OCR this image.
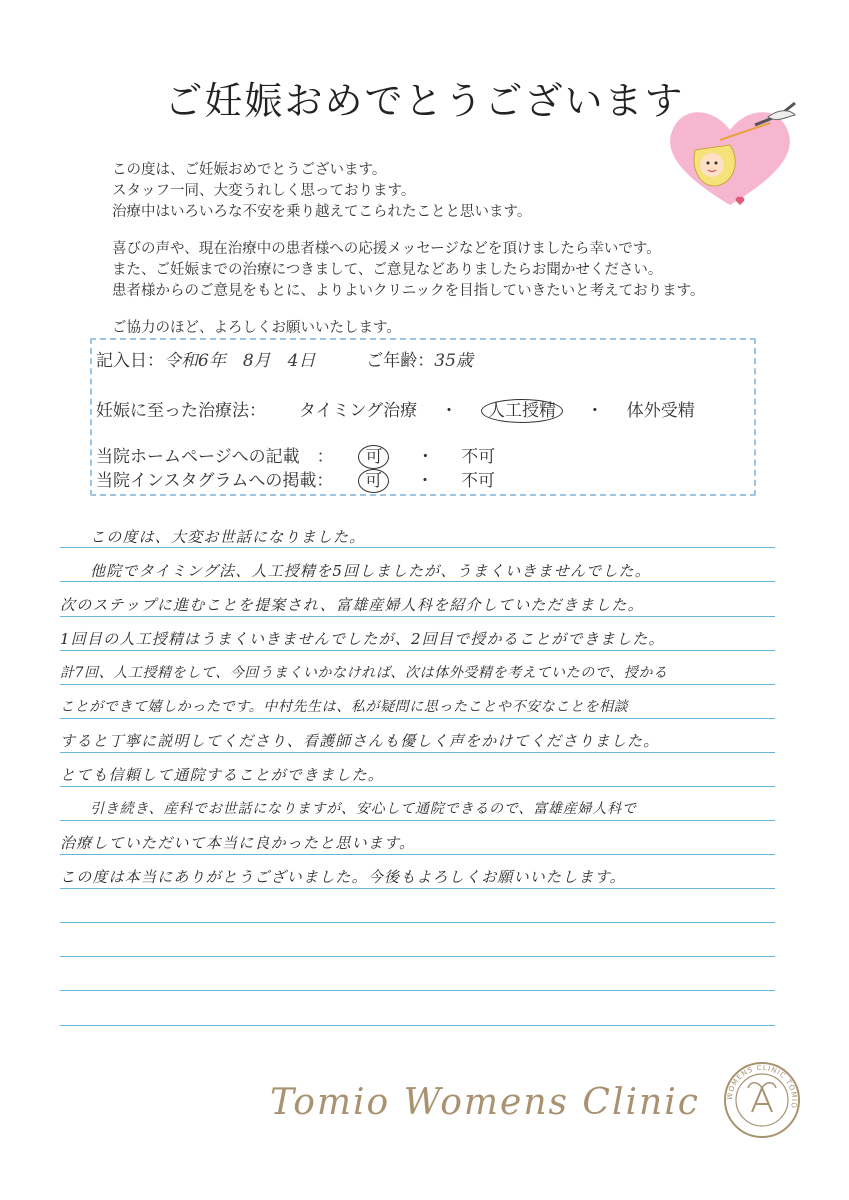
ご妊娠おめでとうございます

この度は、ご妊娠おめでとうございます。

スタッフ一同、大変うれしく思っております。

治療中はいろいろな不安を乗り越えてこられたことと思います。

喜びの声や、現在治療中の患者様への応援メッセージなどを頂けましたら幸いです。

また、ご妊娠までの治療につきまして、ご意見などありましたらお聞かせください。

患者様からのご意見をもとに、よりよいクリニックを目指していきたいと考えております。

ご協力のほど、よろしくお願いいたします。

記入日：令和6年　8月　4日	ご年齢：35歳
妊娠に至った治療法： タイミング治療 ・ 人工授精 ・ 体外受精
当院ホームページへの記載　： 可 ・ 不可
当院インスタグラムへの掲載： 可 ・ 不可
この度は、大変お世話になりました。
他院でタイミング法、人工授精を5回しましたが、うまくいきませんでした。
次のステップに進むことを提案され、富雄産婦人科を紹介していただきました。
1回目の人工授精はうまくいきませんでしたが、2回目で授かることができました。
計7回、人工授精をして、今回うまくいかなければ、次は体外受精を考えていたので、授かる
ことができて嬉しかったです。中村先生は、私が疑問に思ったことや不安なことを相談
すると丁寧に説明してくださり、看護師さんも優しく声をかけてくださりました。
とても信頼して通院することができました。
引き続き、産科でお世話になりますが、安心して通院できるので、富雄産婦人科で
治療していただいて本当に良かったと思います。
この度は本当にありがとうございました。今後もよろしくお願いいたします。
Tomio Womens Clinic	WOMENS CLINIC TOMIO
